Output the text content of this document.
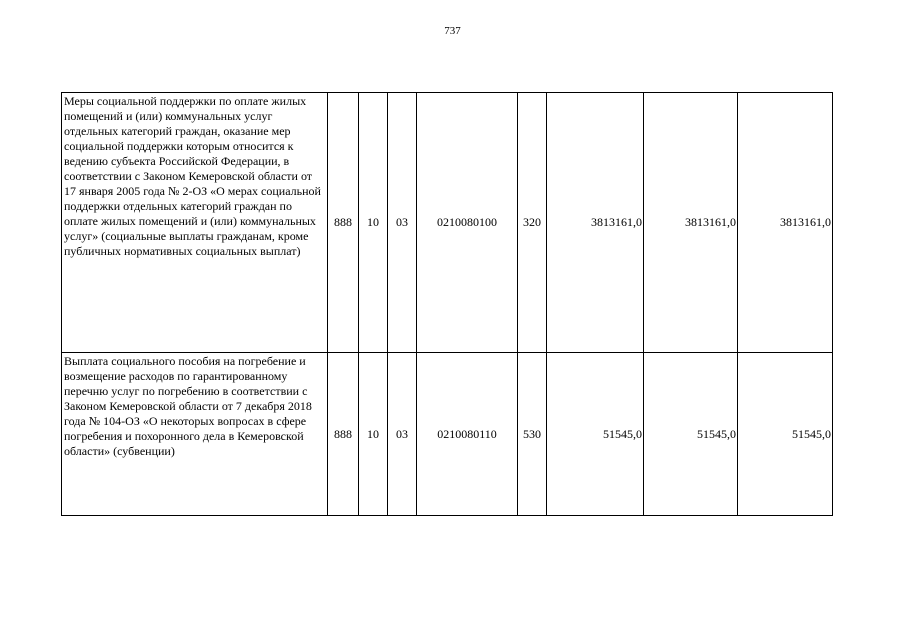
737
Меры социальной поддержки по оплате жилых помещений и (или) коммунальных услуг отдельных категорий граждан, оказание мер социальной поддержки которым относится к ведению субъекта Российской Федерации, в соответствии с Законом Кемеровской области от 17 января 2005 года № 2-ОЗ «О мерах социальной поддержки отдельных категорий граждан по оплате жилых помещений и (или) коммунальных услуг» (социальные выплаты гражданам, кроме публичных нормативных социальных выплат)	888	10	03	0210080100	320	3813161,0	3813161,0	3813161,0
Выплата социального пособия на погребение и возмещение расходов по гарантированному перечню услуг по погребению в соответствии с Законом Кемеровской области от 7 декабря 2018 года № 104-ОЗ «О некоторых вопросах в сфере погребения и похоронного дела в Кемеровской области» (субвенции)	888	10	03	0210080110	530	51545,0	51545,0	51545,0
